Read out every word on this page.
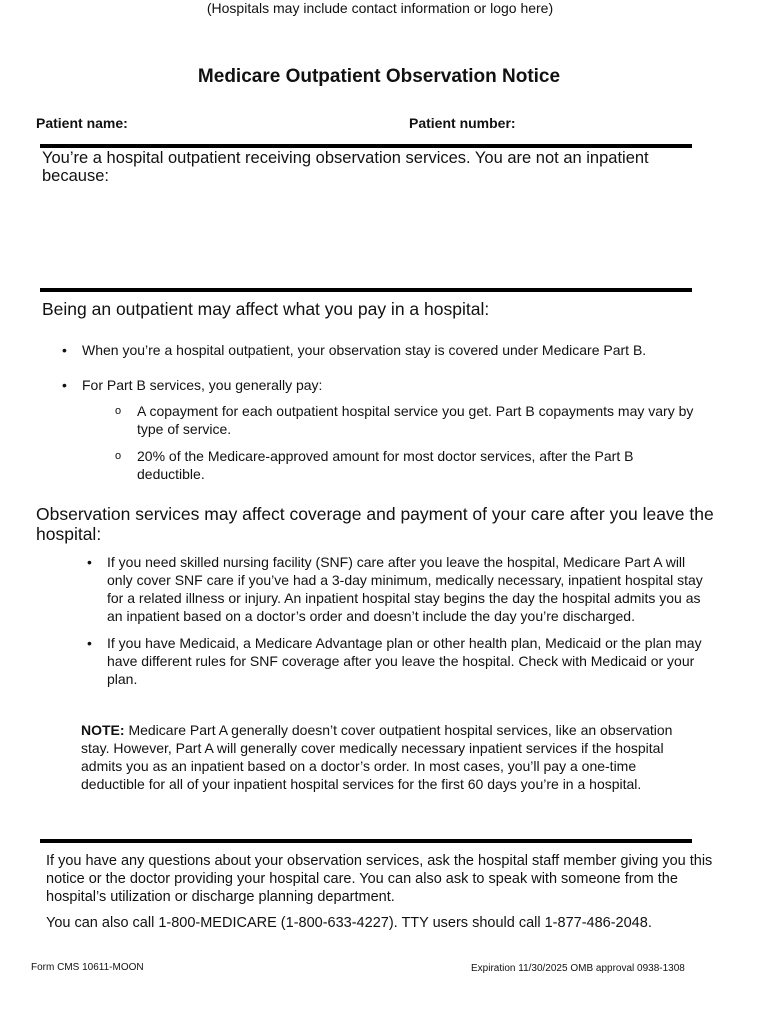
(Hospitals may include contact information or logo here)
Medicare Outpatient Observation Notice
Patient name:	Patient number:
You’re a hospital outpatient receiving observation services. You are not an inpatient because:
Being an outpatient may affect what you pay in a hospital:
• When you’re a hospital outpatient, your observation stay is covered under Medicare Part B.
• For Part B services, you generally pay:
o A copayment for each outpatient hospital service you get. Part B copayments may vary by type of service.
o 20% of the Medicare-approved amount for most doctor services, after the Part B deductible.
Observation services may affect coverage and payment of your care after you leave the hospital:
• If you need skilled nursing facility (SNF) care after you leave the hospital, Medicare Part A will only cover SNF care if you’ve had a 3-day minimum, medically necessary, inpatient hospital stay for a related illness or injury. An inpatient hospital stay begins the day the hospital admits you as an inpatient based on a doctor’s order and doesn’t include the day you’re discharged.
• If you have Medicaid, a Medicare Advantage plan or other health plan, Medicaid or the plan may have different rules for SNF coverage after you leave the hospital. Check with Medicaid or your plan.
NOTE: Medicare Part A generally doesn’t cover outpatient hospital services, like an observation stay. However, Part A will generally cover medically necessary inpatient services if the hospital admits you as an inpatient based on a doctor’s order. In most cases, you’ll pay a one-time deductible for all of your inpatient hospital services for the first 60 days you’re in a hospital.

If you have any questions about your observation services, ask the hospital staff member giving you this notice or the doctor providing your hospital care. You can also ask to speak with someone from the hospital’s utilization or discharge planning department.

You can also call 1-800-MEDICARE (1-800-633-4227). TTY users should call 1-877-486-2048.

Form CMS 10611-MOON	Expiration 11/30/2025 OMB approval 0938-1308
